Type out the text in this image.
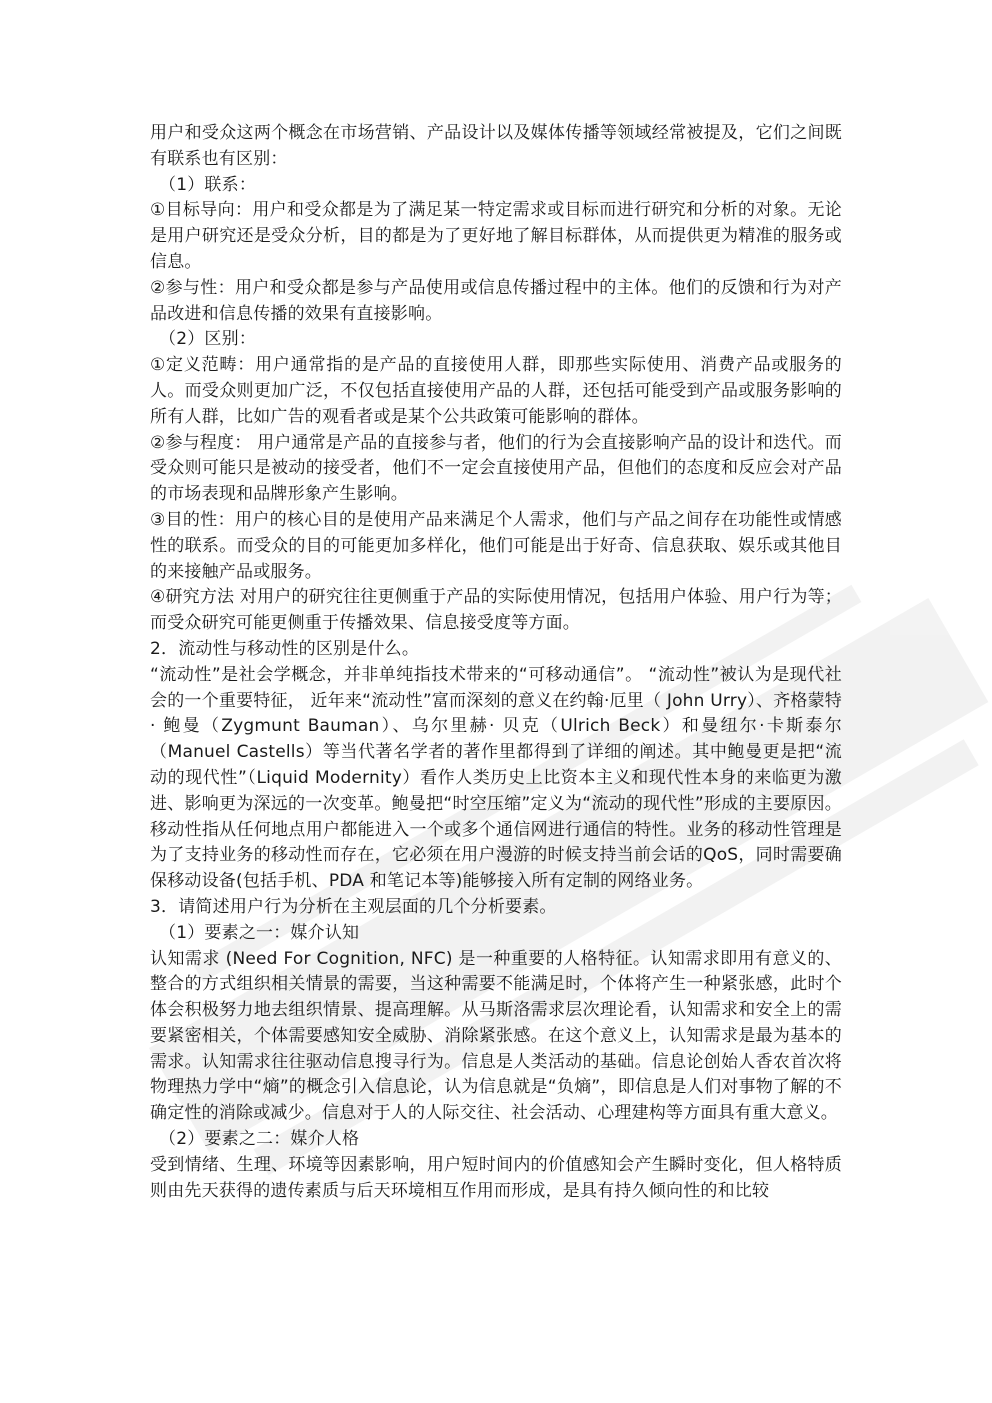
用户和受众这两个概念在市场营销、产品设计以及媒体传播等领域经常被提及，它们之间既有联系也有区别：

（1）联系：

①目标导向：用户和受众都是为了满足某一特定需求或目标而进行研究和分析的对象。无论是用户研究还是受众分析，目的都是为了更好地了解目标群体，从而提供更为精准的服务或信息。

②参与性：用户和受众都是参与产品使用或信息传播过程中的主体。他们的反馈和行为对产品改进和信息传播的效果有直接影响。

（2）区别：

①定义范畴：用户通常指的是产品的直接使用人群，即那些实际使用、消费产品或服务的人。而受众则更加广泛，不仅包括直接使用产品的人群，还包括可能受到产品或服务影响的所有人群，比如广告的观看者或是某个公共政策可能影响的群体。

②参与程度： 用户通常是产品的直接参与者，他们的行为会直接影响产品的设计和迭代。而受众则可能只是被动的接受者，他们不一定会直接使用产品，但他们的态度和反应会对产品的市场表现和品牌形象产生影响。

③目的性：用户的核心目的是使用产品来满足个人需求，他们与产品之间存在功能性或情感性的联系。而受众的目的可能更加多样化，他们可能是出于好奇、信息获取、娱乐或其他目的来接触产品或服务。

④研究方法 对用户的研究往往更侧重于产品的实际使用情况，包括用户体验、用户行为等；而受众研究可能更侧重于传播效果、信息接受度等方面。

2．流动性与移动性的区别是什么。

“流动性”是社会学概念，并非单纯指技术带来的“可移动通信”。 “流动性”被认为是现代社会的一个重要特征， 近年来“流动性”富而深刻的意义在约翰·厄里（ John Urry）、齐格蒙特· 鲍曼（Zygmunt Bauman）、乌尔里赫· 贝克（Ulrich Beck）和曼纽尔·卡斯泰尔（Manuel Castells）等当代著名学者的著作里都得到了详细的阐述。其中鲍曼更是把“流动的现代性”（Liquid Modernity）看作人类历史上比资本主义和现代性本身的来临更为激进、影响更为深远的一次变革。鲍曼把“时空压缩”定义为“流动的现代性”形成的主要原因。移动性指从任何地点用户都能进入一个或多个通信网进行通信的特性。业务的移动性管理是为了支持业务的移动性而存在，它必须在用户漫游的时候支持当前会话的QoS，同时需要确保移动设备(包括手机、PDA 和笔记本等)能够接入所有定制的网络业务。

3．请简述用户行为分析在主观层面的几个分析要素。

（1）要素之一：媒介认知

认知需求 (Need For Cognition, NFC) 是一种重要的人格特征。认知需求即用有意义的、整合的方式组织相关情景的需要，当这种需要不能满足时，个体将产生一种紧张感，此时个体会积极努力地去组织情景、提高理解。从马斯洛需求层次理论看，认知需求和安全上的需要紧密相关，个体需要感知安全威胁、消除紧张感。在这个意义上，认知需求是最为基本的需求。认知需求往往驱动信息搜寻行为。信息是人类活动的基础。信息论创始人香农首次将物理热力学中“熵”的概念引入信息论，认为信息就是“负熵”，即信息是人们对事物了解的不确定性的消除或减少。信息对于人的人际交往、社会活动、心理建构等方面具有重大意义。

（2）要素之二：媒介人格

受到情绪、生理、环境等因素影响，用户短时间内的价值感知会产生瞬时变化，但人格特质则由先天获得的遗传素质与后天环境相互作用而形成，是具有持久倾向性的和比较
